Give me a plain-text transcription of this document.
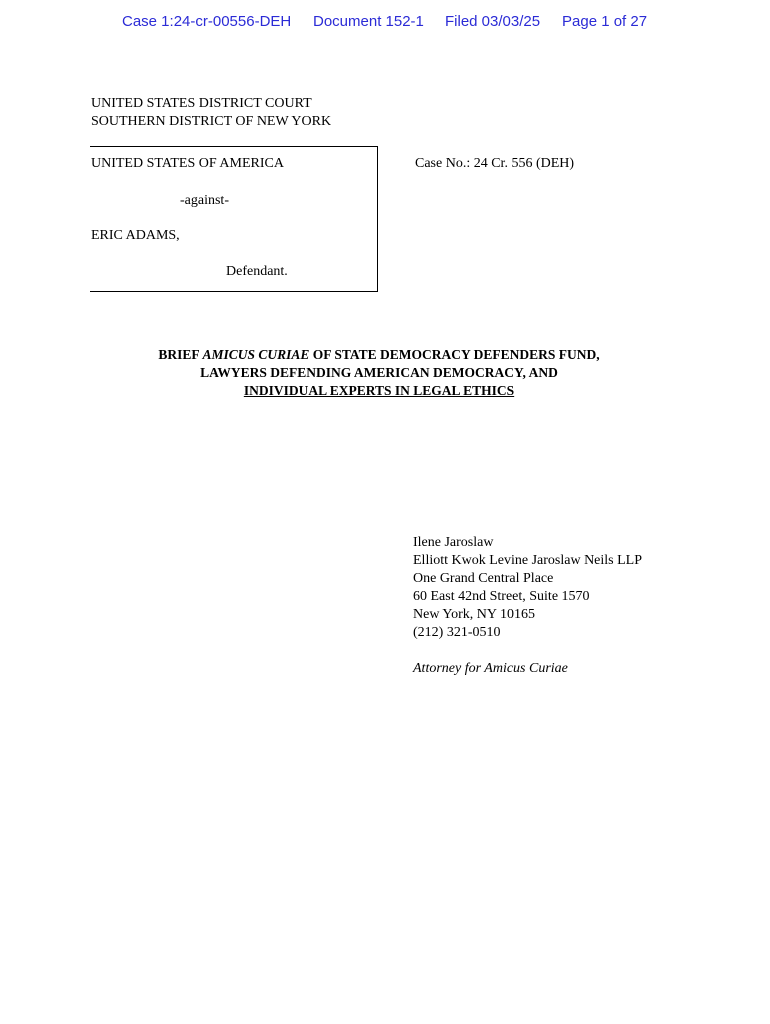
Case 1:24-cr-00556-DEH Document 152-1 Filed 03/03/25 Page 1 of 27
UNITED STATES DISTRICT COURT
SOUTHERN DISTRICT OF NEW YORK
UNITED STATES OF AMERICA
-against-
ERIC ADAMS,
Defendant.
Case No.: 24 Cr. 556 (DEH)
BRIEF AMICUS CURIAE OF STATE DEMOCRACY DEFENDERS FUND,
LAWYERS DEFENDING AMERICAN DEMOCRACY, AND
INDIVIDUAL EXPERTS IN LEGAL ETHICS
Ilene Jaroslaw
Elliott Kwok Levine Jaroslaw Neils LLP
One Grand Central Place
60 East 42nd Street, Suite 1570
New York, NY 10165
(212) 321-0510
Attorney for Amicus Curiae
